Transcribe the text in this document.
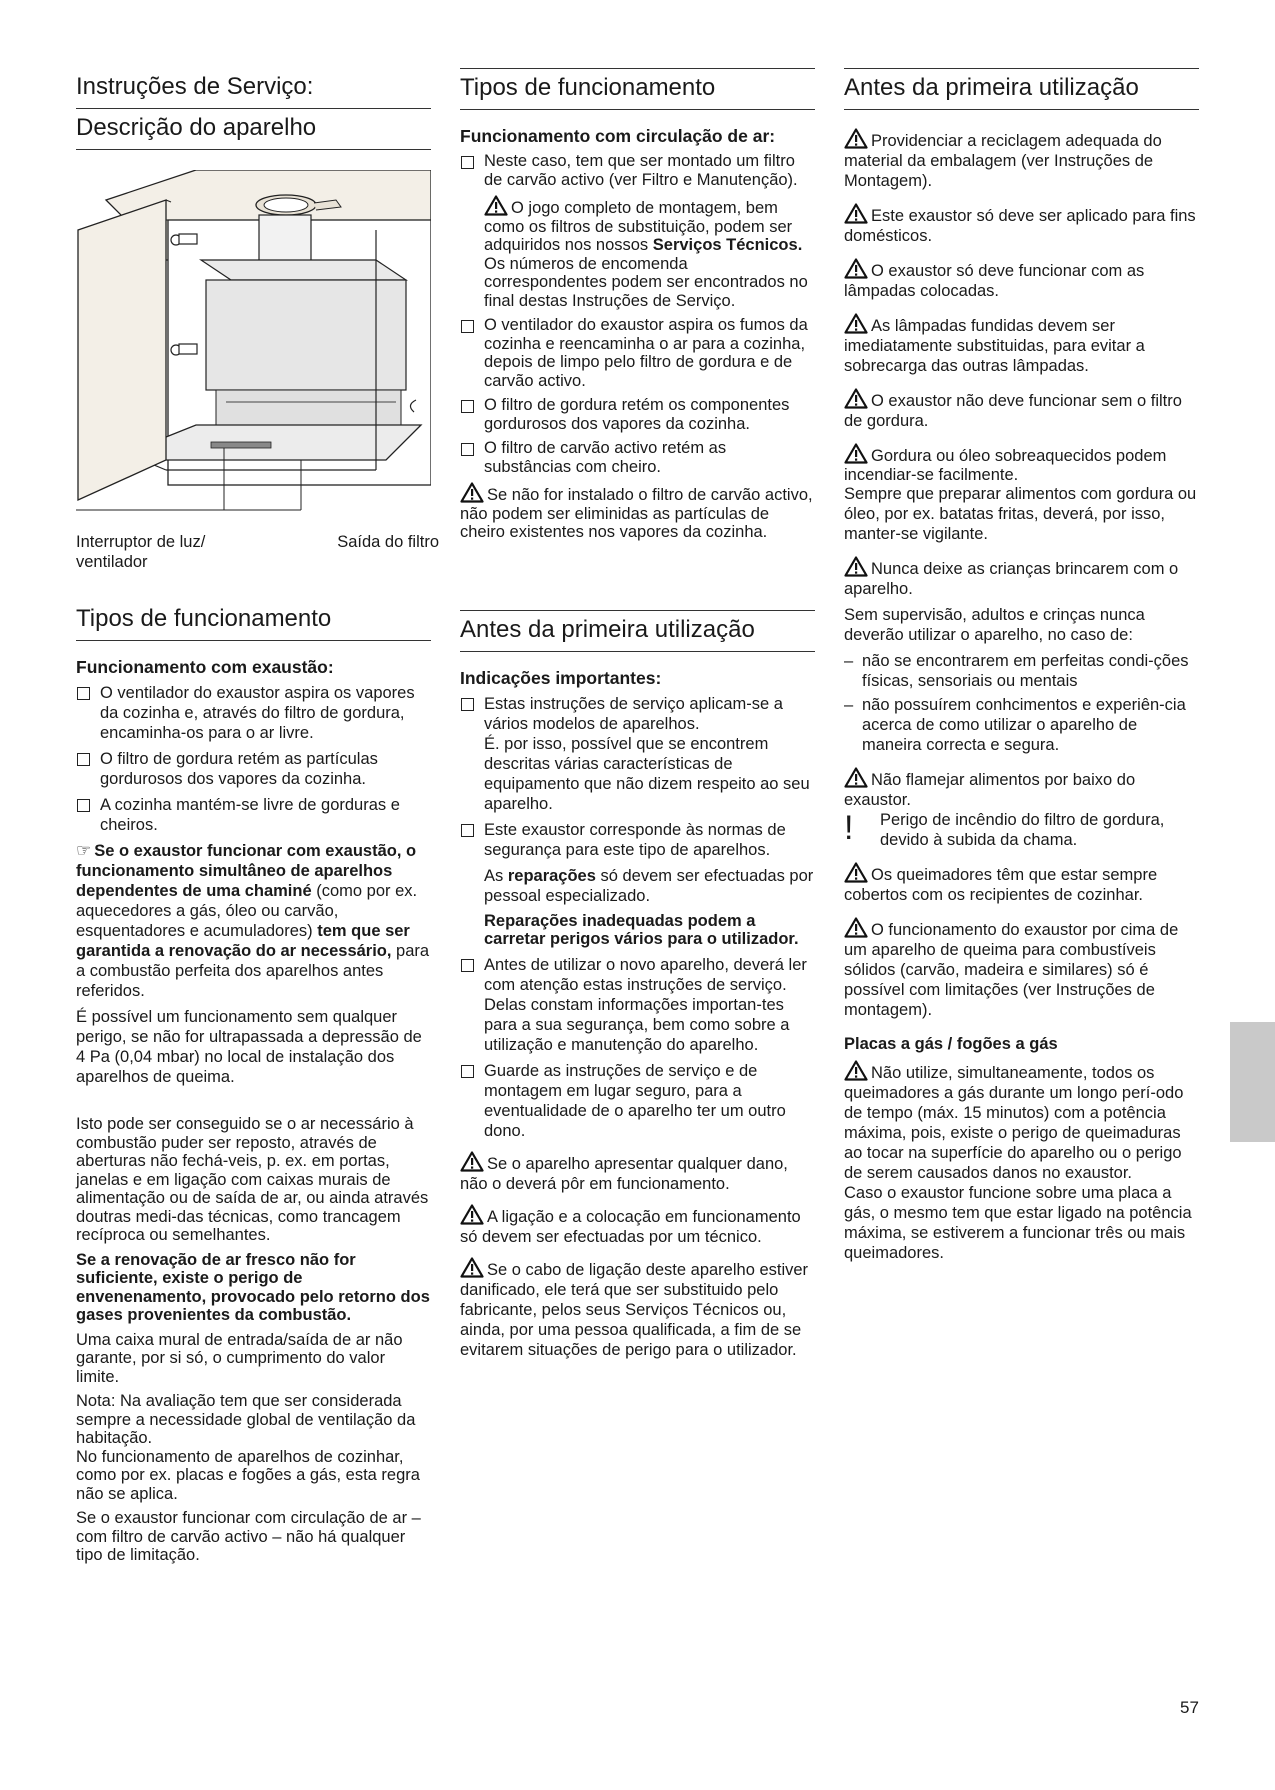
Instruções de Serviço:
Descrição do aparelho
Interruptor de luz/ ventilador
Saída do filtro
Tipos de funcionamento
Funcionamento com exaustão:
O ventilador do exaustor aspira os vapores da cozinha e, através do filtro de gordura, encaminha-os para o ar livre.
O filtro de gordura retém as partículas gordurosos dos vapores da cozinha.
A cozinha mantém-se livre de gorduras e cheiros.

☞ Se o exaustor funcionar com exaustão, o funcionamento simultâneo de aparelhos dependentes de uma chaminé (como por ex. aquecedores a gás, óleo ou carvão, esquentadores e acumuladores) tem que ser garantida a renovação do ar necessário, para a combustão perfeita dos aparelhos antes referidos.

É possível um funcionamento sem qualquer perigo, se não for ultrapassada a depressão de 4 Pa (0,04 mbar) no local de instalação dos aparelhos de queima.

Isto pode ser conseguido se o ar necessário à combustão puder ser reposto, através de aberturas não fechá-veis, p. ex. em portas, janelas e em ligação com caixas murais de alimentação ou de saída de ar, ou ainda através doutras medi-das técnicas, como trancagem recíproca ou semelhantes.

Se a renovação de ar fresco não for suficiente, existe o perigo de envenenamento, provocado pelo retorno dos gases provenientes da combustão.

Uma caixa mural de entrada/saída de ar não garante, por si só, o cumprimento do valor limite.

Nota: Na avaliação tem que ser considerada sempre a necessidade global de ventilação da habitação.

No funcionamento de aparelhos de cozinhar, como por ex. placas e fogões a gás, esta regra não se aplica.

Se o exaustor funcionar com circulação de ar – com filtro de carvão activo – não há qualquer tipo de limitação.

Tipos de funcionamento
Funcionamento com circulação de ar:
Neste caso, tem que ser montado um filtro de carvão activo (ver Filtro e Manutenção).

O jogo completo de montagem, bem como os filtros de substituição, podem ser adquiridos nos nossos Serviços Técnicos.

Os números de encomenda correspondentes podem ser encontrados no final destas Instruções de Serviço.

O ventilador do exaustor aspira os fumos da cozinha e reencaminha o ar para a cozinha, depois de limpo pelo filtro de gordura e de carvão activo.
O filtro de gordura retém os componentes gordurosos dos vapores da cozinha.
O filtro de carvão activo retém as substâncias com cheiro.

Se não for instalado o filtro de carvão activo, não podem ser eliminidas as partículas de cheiro existentes nos vapores da cozinha.

Antes da primeira utilização
Indicações importantes:
Estas instruções de serviço aplicam-se a vários modelos de aparelhos.
É. por isso, possível que se encontrem descritas várias características de equipamento que não dizem respeito ao seu aparelho.
Este exaustor corresponde às normas de segurança para este tipo de aparelhos.

As reparações só devem ser efectuadas por pessoal especializado.

Reparações inadequadas podem a carretar perigos vários para o utilizador.

Antes de utilizar o novo aparelho, deverá ler com atenção estas instruções de serviço.
Delas constam informações importan-tes para a sua segurança, bem como sobre a utilização e manutenção do aparelho.
Guarde as instruções de serviço e de montagem em lugar seguro, para a eventualidade de o aparelho ter um outro dono.

Se o aparelho apresentar qualquer dano, não o deverá pôr em funcionamento.

A ligação e a colocação em funcionamento só devem ser efectuadas por um técnico.

Se o cabo de ligação deste aparelho estiver danificado, ele terá que ser substituido pelo fabricante, pelos seus Serviços Técnicos ou, ainda, por uma pessoa qualificada, a fim de se evitarem situações de perigo para o utilizador.

Antes da primeira utilização

Providenciar a reciclagem adequada do material da embalagem (ver Instruções de Montagem).

Este exaustor só deve ser aplicado para fins domésticos.

O exaustor só deve funcionar com as lâmpadas colocadas.

As lâmpadas fundidas devem ser imediatamente substituidas, para evitar a sobrecarga das outras lâmpadas.

O exaustor não deve funcionar sem o filtro de gordura.

Gordura ou óleo sobreaquecidos podem incendiar-se facilmente.

Sempre que preparar alimentos com gordura ou óleo, por ex. batatas fritas, deverá, por isso, manter-se vigilante.

Nunca deixe as crianças brincarem com o aparelho.

Sem supervisão, adultos e crinças nunca deverão utilizar o aparelho, no caso de:

– não se encontrarem em perfeitas condi-ções físicas, sensoriais ou mentais
– não possuírem conhcimentos e experiên-cia acerca de como utilizar o aparelho de maneira correcta e segura.

Não flamejar alimentos por baixo do exaustor.

! Perigo de incêndio do filtro de gordura, devido à subida da chama.

Os queimadores têm que estar sempre cobertos com os recipientes de cozinhar.

O funcionamento do exaustor por cima de um aparelho de queima para combustíveis sólidos (carvão, madeira e similares) só é possível com limitações (ver Instruções de montagem).

Placas a gás / fogões a gás

Não utilize, simultaneamente, todos os queimadores a gás durante um longo perí-odo de tempo (máx. 15 minutos) com a potência máxima, pois, existe o perigo de queimaduras ao tocar na superfície do aparelho ou o perigo de serem causados danos no exaustor.

Caso o exaustor funcione sobre uma placa a gás, o mesmo tem que estar ligado na potência máxima, se estiverem a funcionar três ou mais queimadores.

57
